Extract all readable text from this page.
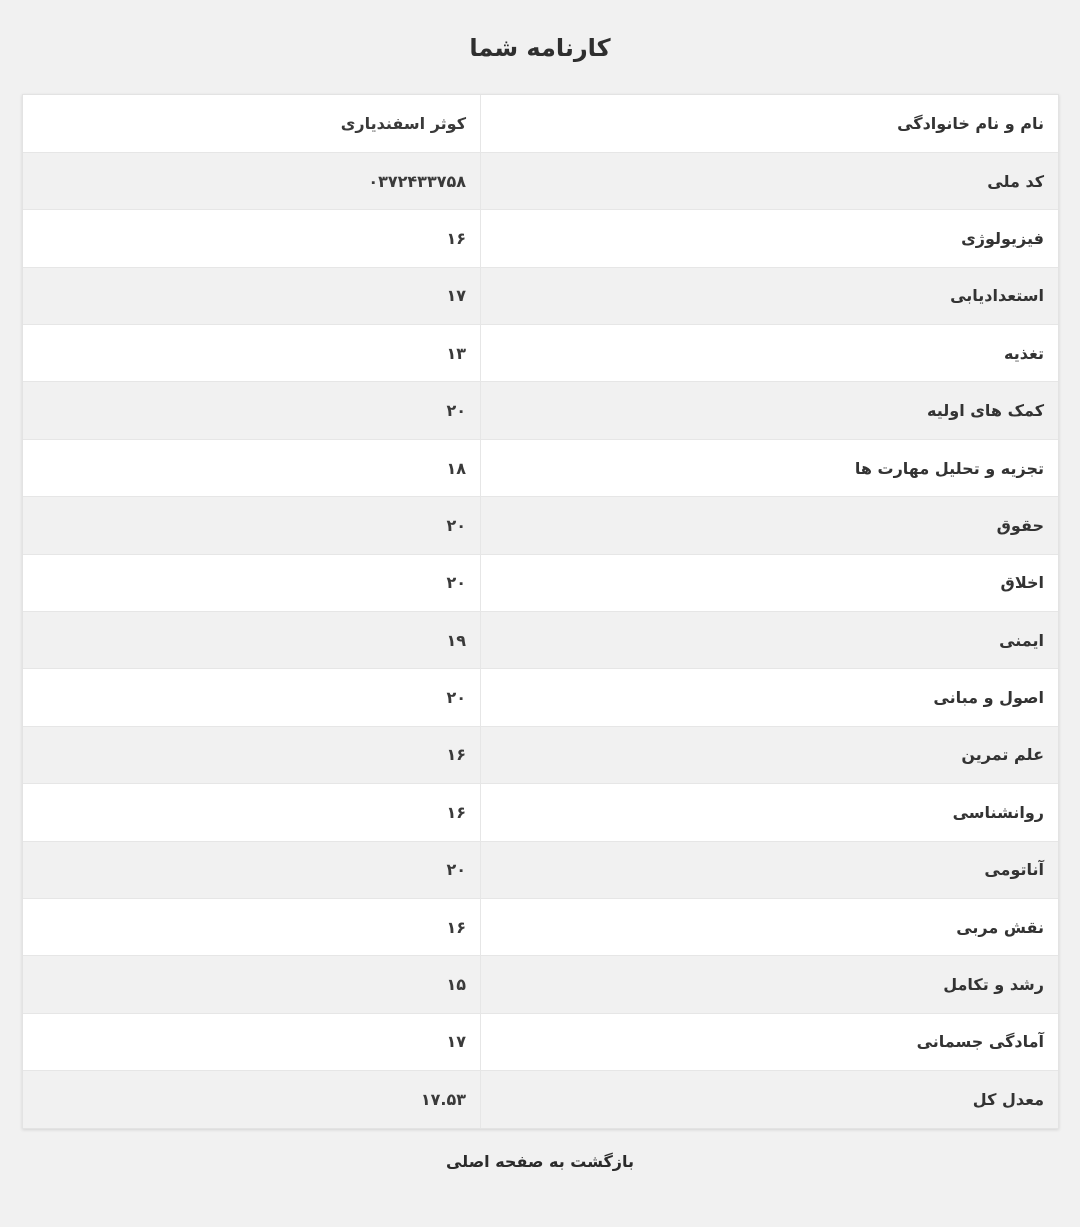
کارنامه شما
نام و نام خانوادگی	کوثر اسفندیاری
کد ملی	۰۳۷۲۴۳۳۷۵۸
فیزیولوژی	۱۶
استعدادیابی	۱۷
تغذیه	۱۳
کمک های اولیه	۲۰
تجزیه و تحلیل مهارت ها	۱۸
حقوق	۲۰
اخلاق	۲۰
ایمنی	۱۹
اصول و مبانی	۲۰
علم تمرین	۱۶
روانشناسی	۱۶
آناتومی	۲۰
نقش مربی	۱۶
رشد و تکامل	۱۵
آمادگی جسمانی	۱۷
معدل کل	۱۷.۵۳
بازگشت به صفحه اصلی
